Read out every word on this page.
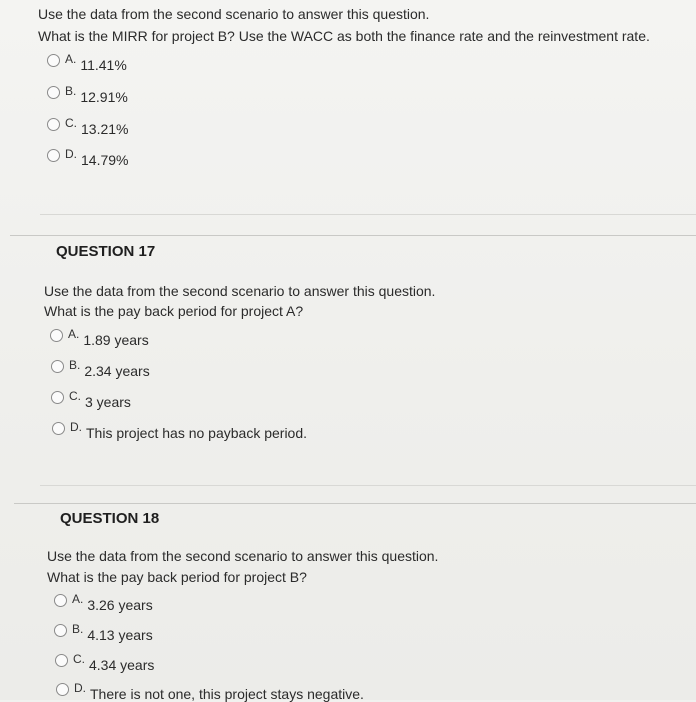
Use the data from the second scenario to answer this question.
What is the MIRR for project B? Use the WACC as both the finance rate and the reinvestment rate.
A. 11.41%
B. 12.91%
C. 13.21%
D. 14.79%
QUESTION 17
Use the data from the second scenario to answer this question.
What is the pay back period for project A?
A. 1.89 years
B. 2.34 years
C. 3 years
D. This project has no payback period.
QUESTION 18
Use the data from the second scenario to answer this question.
What is the pay back period for project B?
A. 3.26 years
B. 4.13 years
C. 4.34 years
D. There is not one, this project stays negative.
